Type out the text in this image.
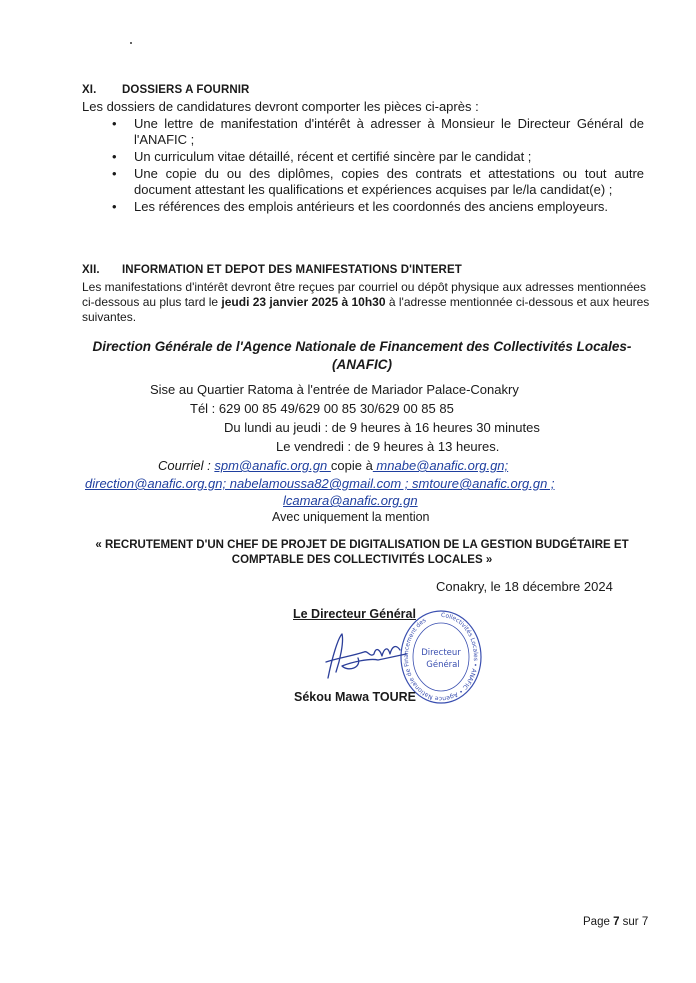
XI. DOSSIERS A FOURNIR
Les dossiers de candidatures devront comporter les pièces ci-après :
• Une lettre de manifestation d'intérêt à adresser à Monsieur le Directeur Général de l'ANAFIC ;
• Un curriculum vitae détaillé, récent et certifié sincère par le candidat ;
• Une copie du ou des diplômes, copies des contrats et attestations ou tout autre document attestant les qualifications et expériences acquises par le/la candidat(e) ;
• Les références des emplois antérieurs et les coordonnés des anciens employeurs.
XII. INFORMATION ET DEPOT DES MANIFESTATIONS D'INTERET
Les manifestations d'intérêt devront être reçues par courriel ou dépôt physique aux adresses mentionnées ci-dessous au plus tard le jeudi 23 janvier 2025 à 10h30 à l'adresse mentionnée ci-dessous et aux heures suivantes.
Direction Générale de l'Agence Nationale de Financement des Collectivités Locales-(ANAFIC)
Sise au Quartier Ratoma à l'entrée de Mariador Palace-Conakry
Tél : 629 00 85 49/629 00 85 30/629 00 85 85
Du lundi au jeudi : de 9 heures à 16 heures 30 minutes
Le vendredi : de 9 heures à 13 heures.
Courriel : spm@anafic.org.gn copie à mnabe@anafic.org.gn;
direction@anafic.org.gn; nabelamoussa82@gmail.com ; smtoure@anafic.org.gn ;
lcamara@anafic.org.gn
Avec uniquement la mention
« RECRUTEMENT D'UN CHEF DE PROJET DE DIGITALISATION DE LA GESTION BUDGÉTAIRE ET COMPTABLE DES COLLECTIVITÉS LOCALES »
Conakry, le 18 décembre 2024
Collectivités Locales • ANAFIC • Agence Nationale de Financement des
Directeur
Général
Le Directeur Général
Sékou Mawa TOURE
Page 7 sur 7
